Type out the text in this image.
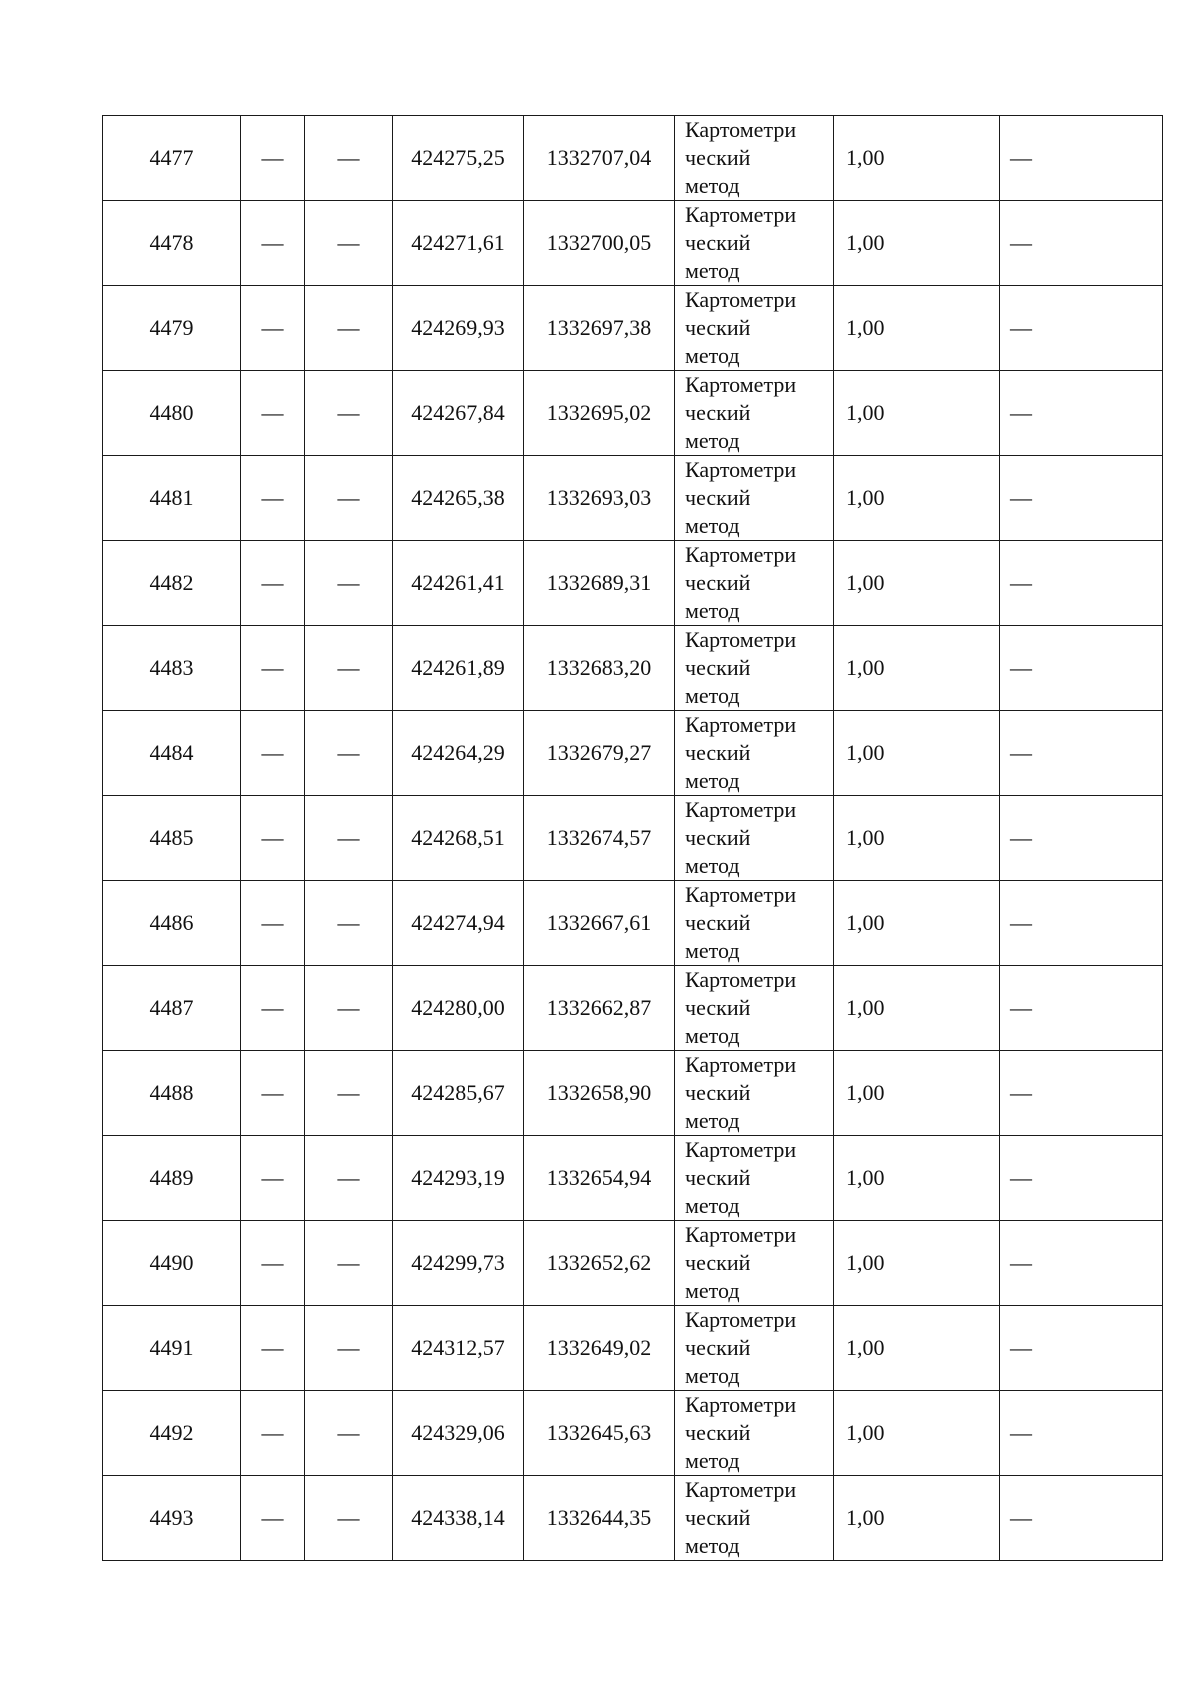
4477	—	—	424275,25	1332707,04	Картометри
ческий
метод	1,00	—
4478	—	—	424271,61	1332700,05	Картометри
ческий
метод	1,00	—
4479	—	—	424269,93	1332697,38	Картометри
ческий
метод	1,00	—
4480	—	—	424267,84	1332695,02	Картометри
ческий
метод	1,00	—
4481	—	—	424265,38	1332693,03	Картометри
ческий
метод	1,00	—
4482	—	—	424261,41	1332689,31	Картометри
ческий
метод	1,00	—
4483	—	—	424261,89	1332683,20	Картометри
ческий
метод	1,00	—
4484	—	—	424264,29	1332679,27	Картометри
ческий
метод	1,00	—
4485	—	—	424268,51	1332674,57	Картометри
ческий
метод	1,00	—
4486	—	—	424274,94	1332667,61	Картометри
ческий
метод	1,00	—
4487	—	—	424280,00	1332662,87	Картометри
ческий
метод	1,00	—
4488	—	—	424285,67	1332658,90	Картометри
ческий
метод	1,00	—
4489	—	—	424293,19	1332654,94	Картометри
ческий
метод	1,00	—
4490	—	—	424299,73	1332652,62	Картометри
ческий
метод	1,00	—
4491	—	—	424312,57	1332649,02	Картометри
ческий
метод	1,00	—
4492	—	—	424329,06	1332645,63	Картометри
ческий
метод	1,00	—
4493	—	—	424338,14	1332644,35	Картометри
ческий
метод	1,00	—
